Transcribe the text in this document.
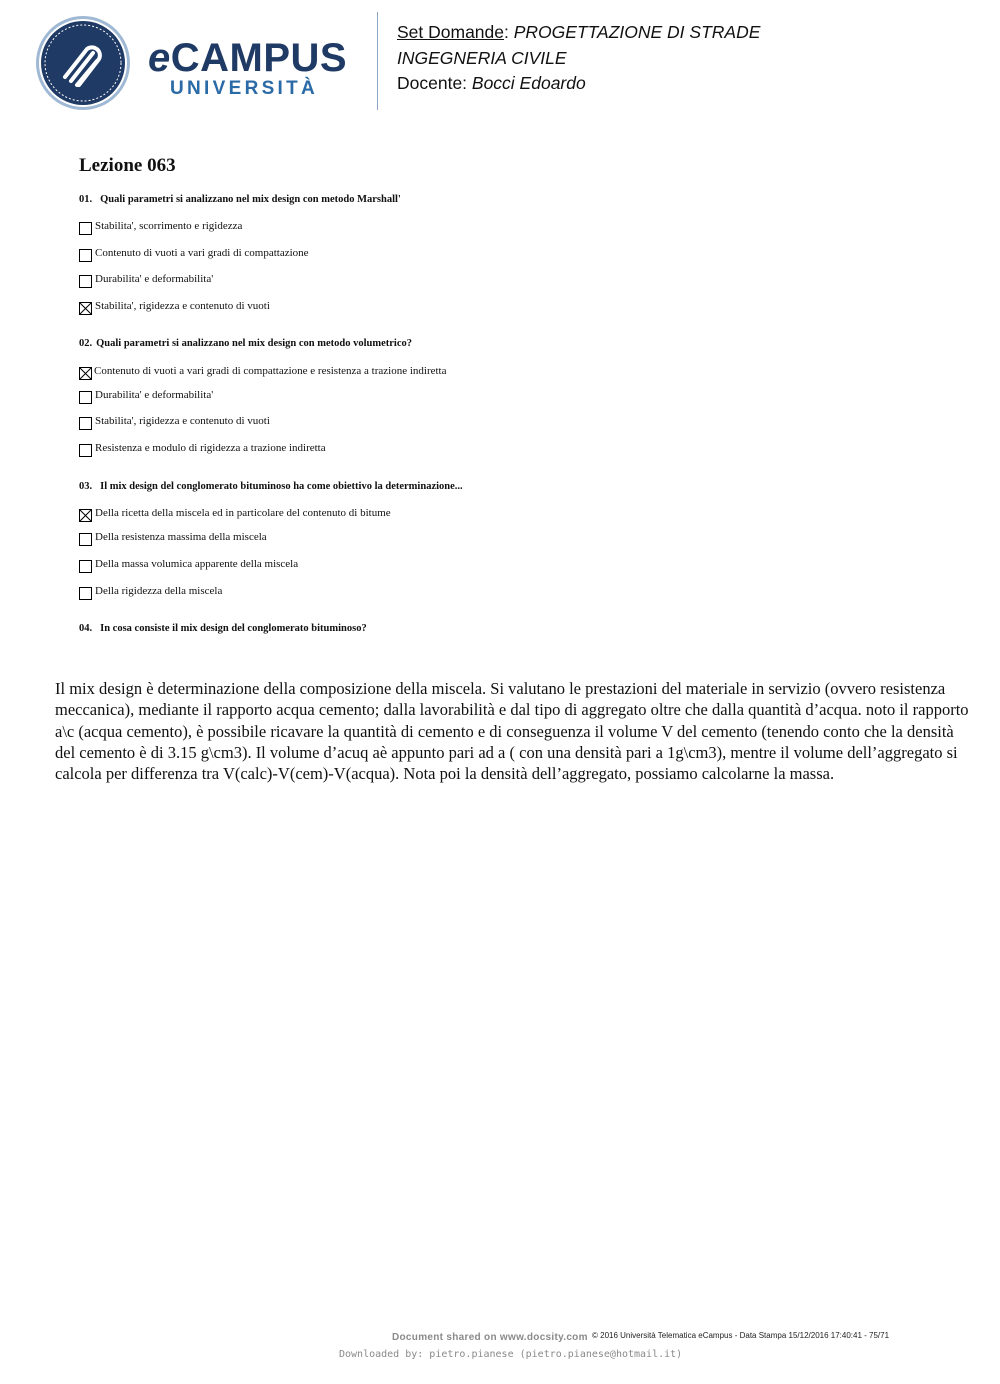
eCAMPUS
UNIVERSITÀ
Set Domande: PROGETTAZIONE DI STRADE
INGEGNERIA CIVILE
Docente: Bocci Edoardo
Lezione 063
01. Quali parametri si analizzano nel mix design con metodo Marshall'
Stabilita', scorrimento e rigidezza
Contenuto di vuoti a vari gradi di compattazione
Durabilita' e deformabilita'
Stabilita', rigidezza e contenuto di vuoti
02. Quali parametri si analizzano nel mix design con metodo volumetrico?
Contenuto di vuoti a vari gradi di compattazione e resistenza a trazione indiretta
Durabilita' e deformabilita'
Stabilita', rigidezza e contenuto di vuoti
Resistenza e modulo di rigidezza a trazione indiretta
03. Il mix design del conglomerato bituminoso ha come obiettivo la determinazione...
Della ricetta della miscela ed in particolare del contenuto di bitume
Della resistenza massima della miscela
Della massa volumica apparente della miscela
Della rigidezza della miscela
04. In cosa consiste il mix design del conglomerato bituminoso?
Il mix design è determinazione della composizione della miscela. Si valutano le prestazioni del materiale in servizio (ovvero resistenza meccanica), mediante il rapporto acqua cemento; dalla lavorabilità e dal tipo di aggregato oltre che dalla quantità d’acqua. noto il rapporto a\c (acqua cemento), è possibile ricavare la quantità di cemento e di conseguenza il volume V del cemento (tenendo conto che la densità del cemento è di 3.15 g\cm3). Il volume d’acuq aè appunto pari ad a ( con una densità pari a 1g\cm3), mentre il volume dell’aggregato si calcola per differenza tra V(calc)-V(cem)-V(acqua). Nota poi la densità dell’aggregato, possiamo calcolarne la massa.
Document shared on www.docsity.com © 2016 Università Telematica eCampus - Data Stampa 15/12/2016 17:40:41 - 75/71
Downloaded by: pietro.pianese (pietro.pianese@hotmail.it)
